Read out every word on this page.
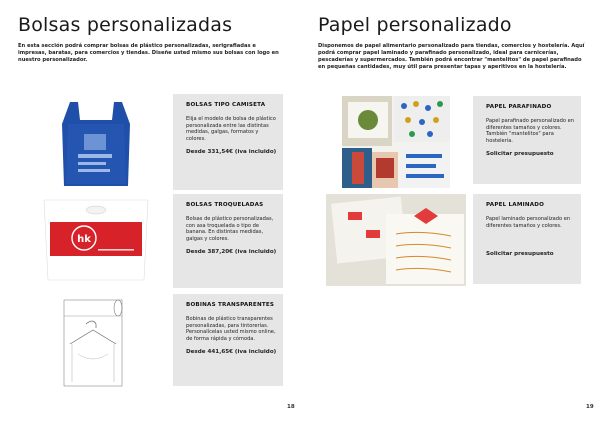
Bolsas personalizadas

En esta sección podrá comprar bolsas de plástico personalizadas, serigrafiadas e impresas, baratas, para comercios y tiendas. Diseñe usted mismo sus bolsas con logo en nuestro personalizador.

BOLSAS TIPO CAMISETA
Elija el modelo de bolsa de plástico personalizada entre las distintas medidas, galgas, formatos y colores.
Desde 331,54€ (iva incluido)
hk
BOLSAS TROQUELADAS
Bolsas de plástico personalizadas, con asa troquelada o tipo de banana. En distintas medidas, galgas y colores.
Desde 387,20€ (iva incluido)
BOBINAS TRANSPARENTES
Bobinas de plástico transparentes personalizadas, para tintorerías. Personalícelas usted mismo online, de forma rápida y cómoda.
Desde 441,65€ (iva incluido)
18
Papel personalizado

Disponemos de papel alimentario personalizado para tiendas, comercios y hostelería. Aquí podrá comprar papel laminado y parafinado personalizado, ideal para carnicerías, pescaderías y supermercados. También podrá encontrar "mantelitos" de papel parafinado en pequeñas cantidades, muy útil para presentar tapas y aperitivos en la hostelería.

PAPEL PARAFINADO
Papel parafinado personalizado en diferentes tamaños y colores. También "mantelitos" para hostelería.
Solicitar presupuesto
PAPEL LAMINADO
Papel laminado personalizado en diferentes tamaños y colores.
Solicitar presupuesto
19
